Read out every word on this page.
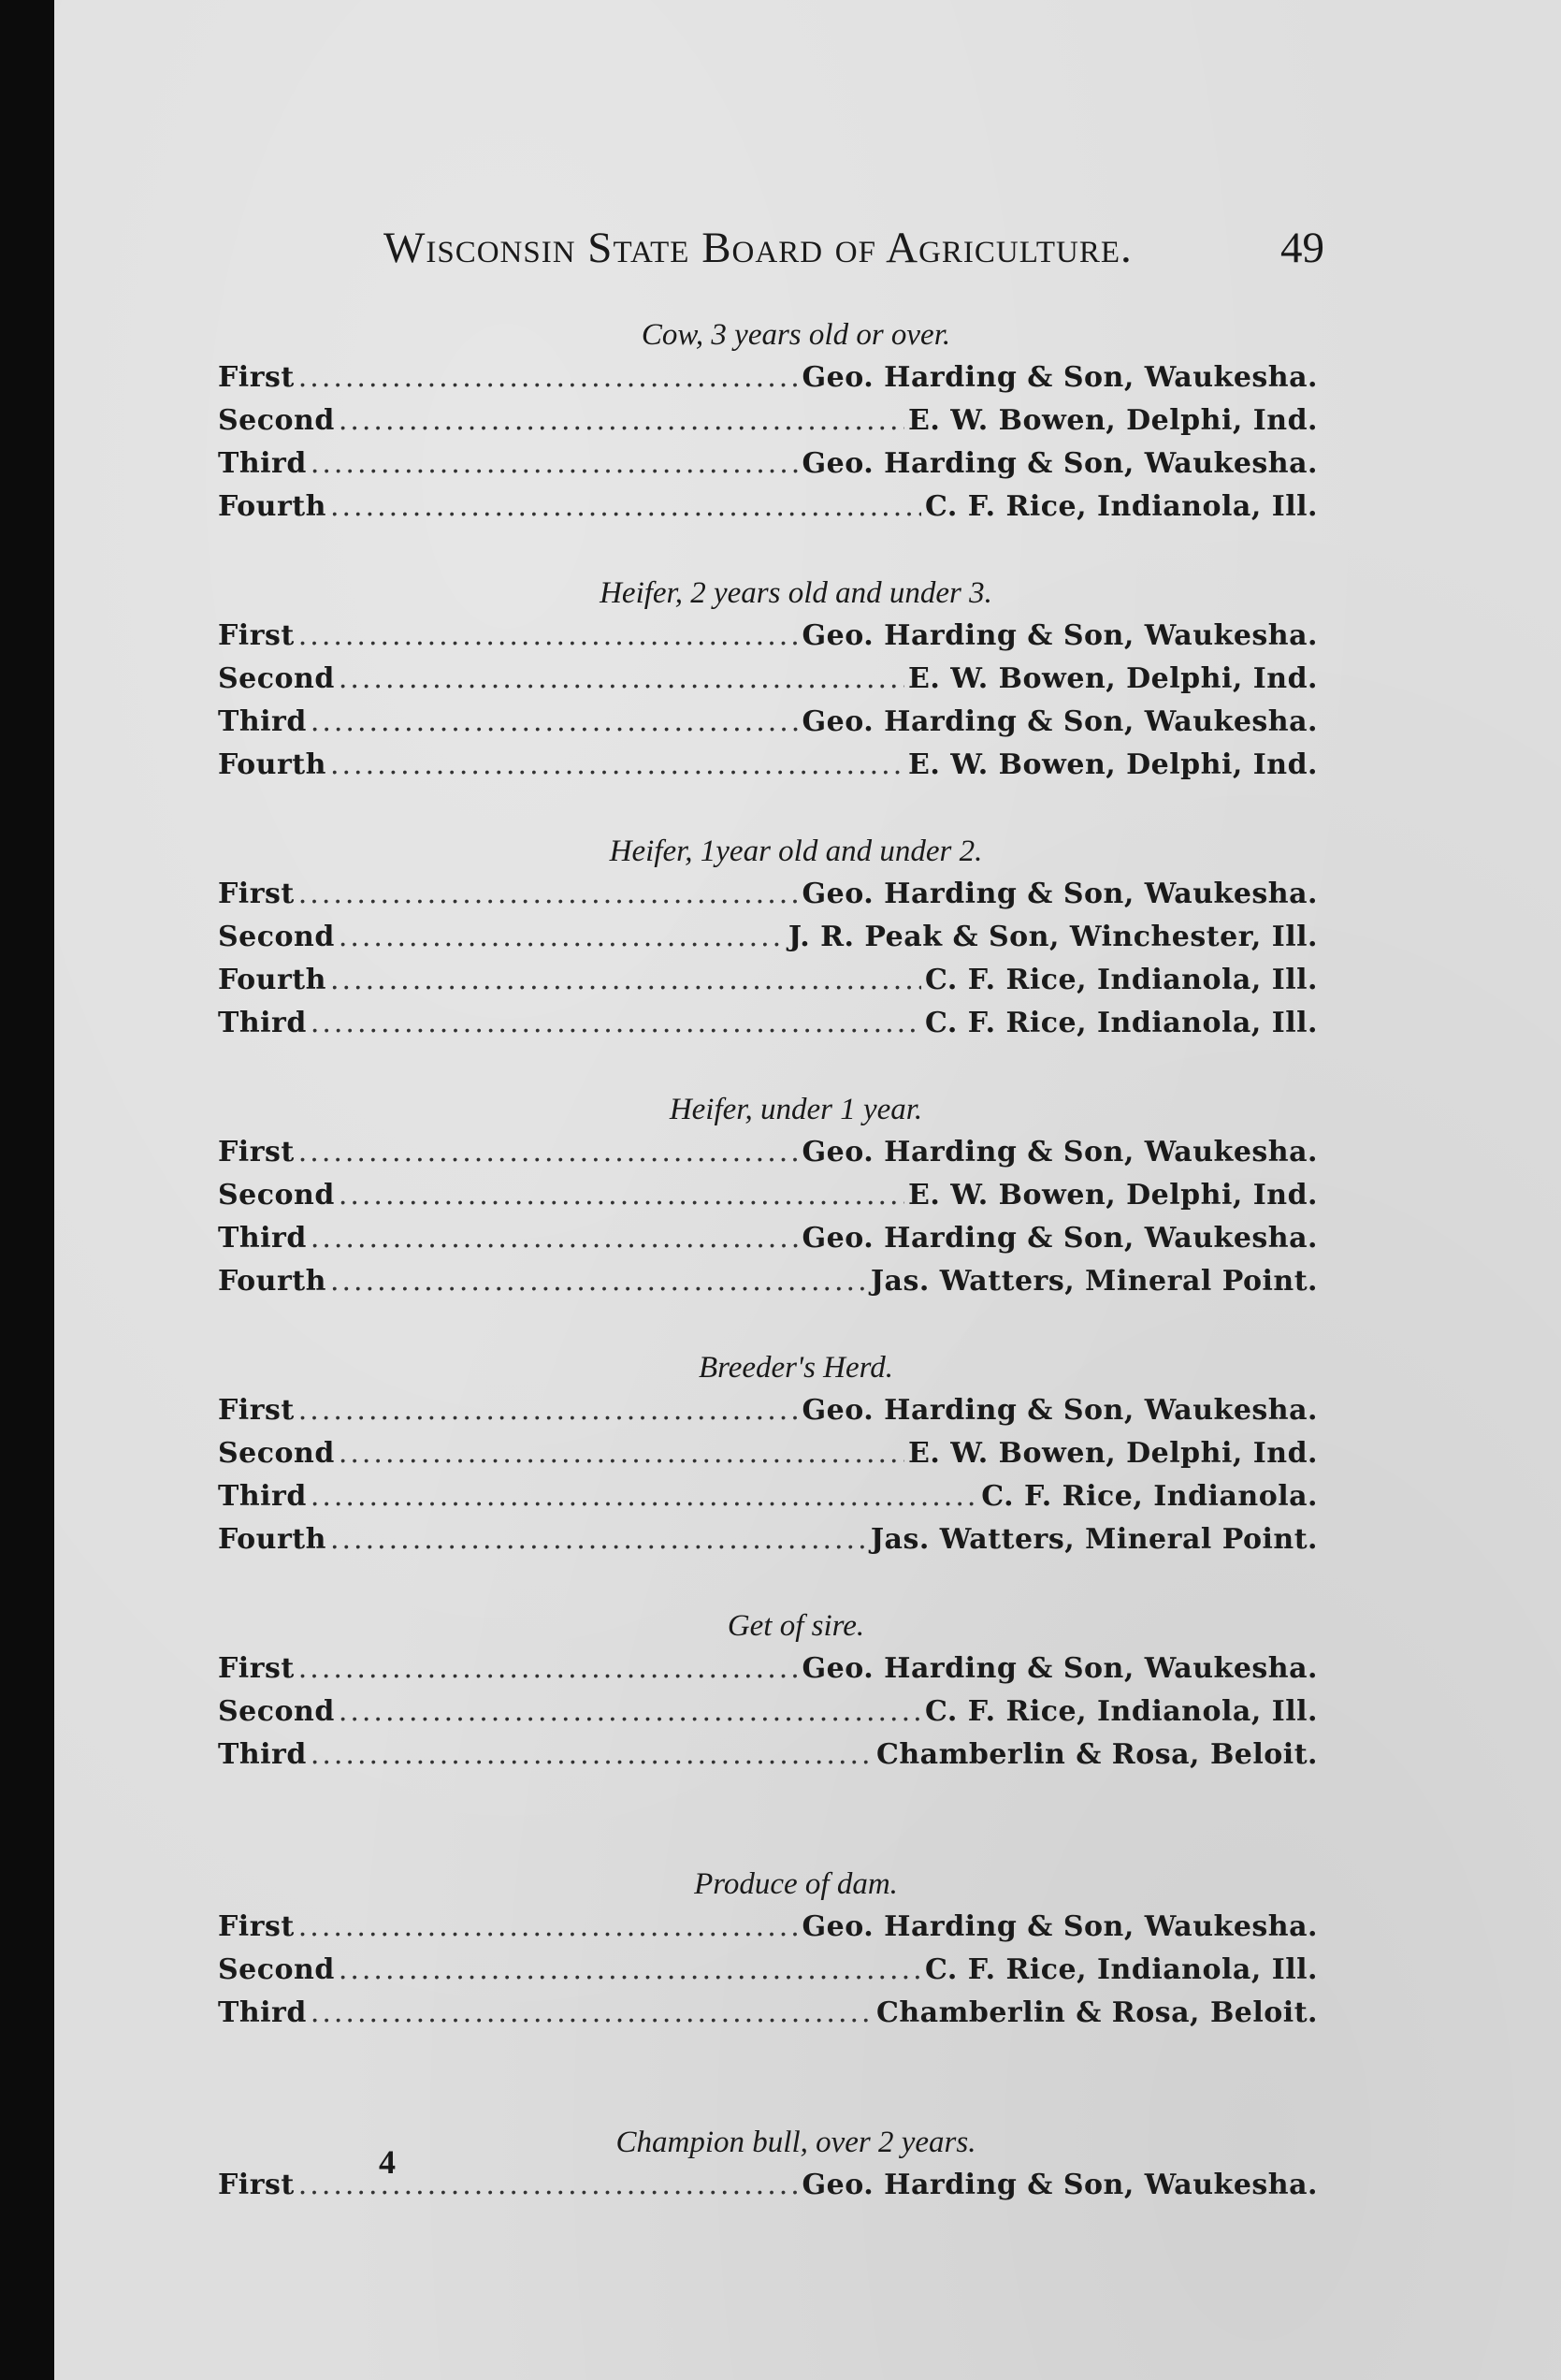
Wisconsin State Board of Agriculture.	49
Cow, 3 years old or over.
First .....	Geo. Harding & Son, Waukesha.
Second .....	E. W. Bowen, Delphi, Ind.
Third .....	Geo. Harding & Son, Waukesha.
Fourth .....	C. F. Rice, Indianola, Ill.
Heifer, 2 years old and under 3.
First .....	Geo. Harding & Son, Waukesha.
Second .....	E. W. Bowen, Delphi, Ind.
Third .....	Geo. Harding & Son, Waukesha.
Fourth .....	E. W. Bowen, Delphi, Ind.
Heifer, 1year old and under 2.
First .....	Geo. Harding & Son, Waukesha.
Second .....	J. R. Peak & Son, Winchester, Ill.
Fourth .....	C. F. Rice, Indianola, Ill.
Third .....	C. F. Rice, Indianola, Ill.
Heifer, under 1 year.
First .....	Geo. Harding & Son, Waukesha.
Second .....	E. W. Bowen, Delphi, Ind.
Third .....	Geo. Harding & Son, Waukesha.
Fourth .....	Jas. Watters, Mineral Point.
Breeder's Herd.
First .....	Geo. Harding & Son, Waukesha.
Second .....	E. W. Bowen, Delphi, Ind.
Third .....	C. F. Rice, Indianola.
Fourth .....	Jas. Watters, Mineral Point.
Get of sire.
First .....	Geo. Harding & Son, Waukesha.
Second .....	C. F. Rice, Indianola, Ill.
Third .....	Chamberlin & Rosa, Beloit.
Produce of dam.
First .....	Geo. Harding & Son, Waukesha.
Second .....	C. F. Rice, Indianola, Ill.
Third .....	Chamberlin & Rosa, Beloit.
Champion bull, over 2 years.
First .....	Geo. Harding & Son, Waukesha.
4
